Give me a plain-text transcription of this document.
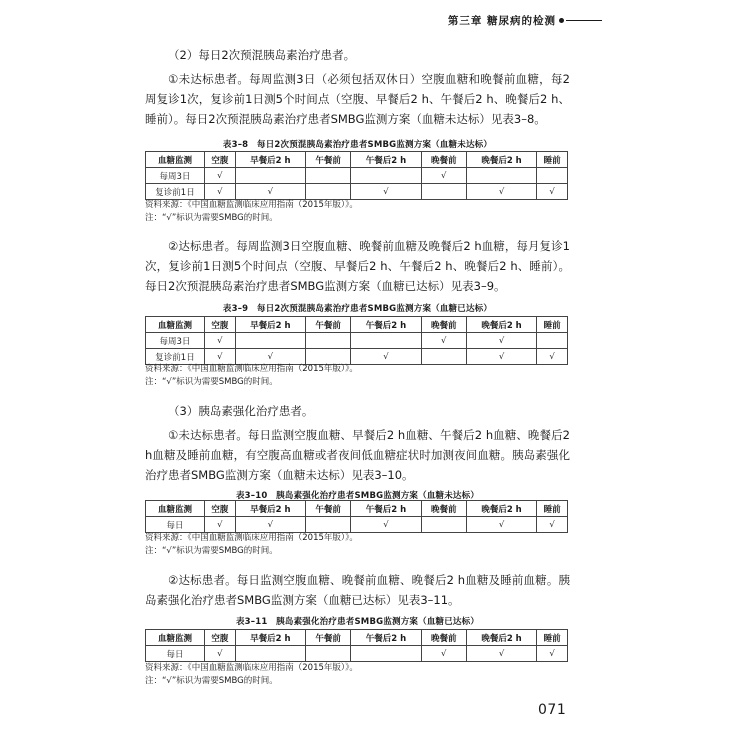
第三章 糖尿病的检测
（2）每日2次预混胰岛素治疗患者。
①未达标患者。每周监测3日（必须包括双休日）空腹血糖和晚餐前血糖，每2周复诊1次，复诊前1日测5个时间点（空腹、早餐后2 h、午餐后2 h、晚餐后2 h、睡前）。每日2次预混胰岛素治疗患者SMBG监测方案（血糖未达标）见表3–8。
表3–8　每日2次预混胰岛素治疗患者SMBG监测方案（血糖未达标）
血糖监测	空腹	早餐后2 h	午餐前	午餐后2 h	晚餐前	晚餐后2 h	睡前
每周3日	√				√		
复诊前1日	√	√		√		√	√
资料来源：《中国血糖监测临床应用指南（2015年版）》。
注：“√”标识为需要SMBG的时间。
②达标患者。每周监测3日空腹血糖、晚餐前血糖及晚餐后2 h血糖，每月复诊1次，复诊前1日测5个时间点（空腹、早餐后2 h、午餐后2 h、晚餐后2 h、睡前）。每日2次预混胰岛素治疗患者SMBG监测方案（血糖已达标）见表3–9。
表3–9　每日2次预混胰岛素治疗患者SMBG监测方案（血糖已达标）
血糖监测	空腹	早餐后2 h	午餐前	午餐后2 h	晚餐前	晚餐后2 h	睡前
每周3日	√				√	√	
复诊前1日	√	√		√		√	√
资料来源：《中国血糖监测临床应用指南（2015年版）》。
注：“√”标识为需要SMBG的时间。
（3）胰岛素强化治疗患者。
①未达标患者。每日监测空腹血糖、早餐后2 h血糖、午餐后2 h血糖、晚餐后2 h血糖及睡前血糖，有空腹高血糖或者夜间低血糖症状时加测夜间血糖。胰岛素强化治疗患者SMBG监测方案（血糖未达标）见表3–10。
表3–10　胰岛素强化治疗患者SMBG监测方案（血糖未达标）
血糖监测	空腹	早餐后2 h	午餐前	午餐后2 h	晚餐前	晚餐后2 h	睡前
每日	√	√		√		√	√
资料来源：《中国血糖监测临床应用指南（2015年版）》。
注：“√”标识为需要SMBG的时间。
②达标患者。每日监测空腹血糖、晚餐前血糖、晚餐后2 h血糖及睡前血糖。胰岛素强化治疗患者SMBG监测方案（血糖已达标）见表3–11。
表3–11　胰岛素强化治疗患者SMBG监测方案（血糖已达标）
血糖监测	空腹	早餐后2 h	午餐前	午餐后2 h	晚餐前	晚餐后2 h	睡前
每日	√				√	√	√
资料来源：《中国血糖监测临床应用指南（2015年版）》。
注：“√”标识为需要SMBG的时间。
071
